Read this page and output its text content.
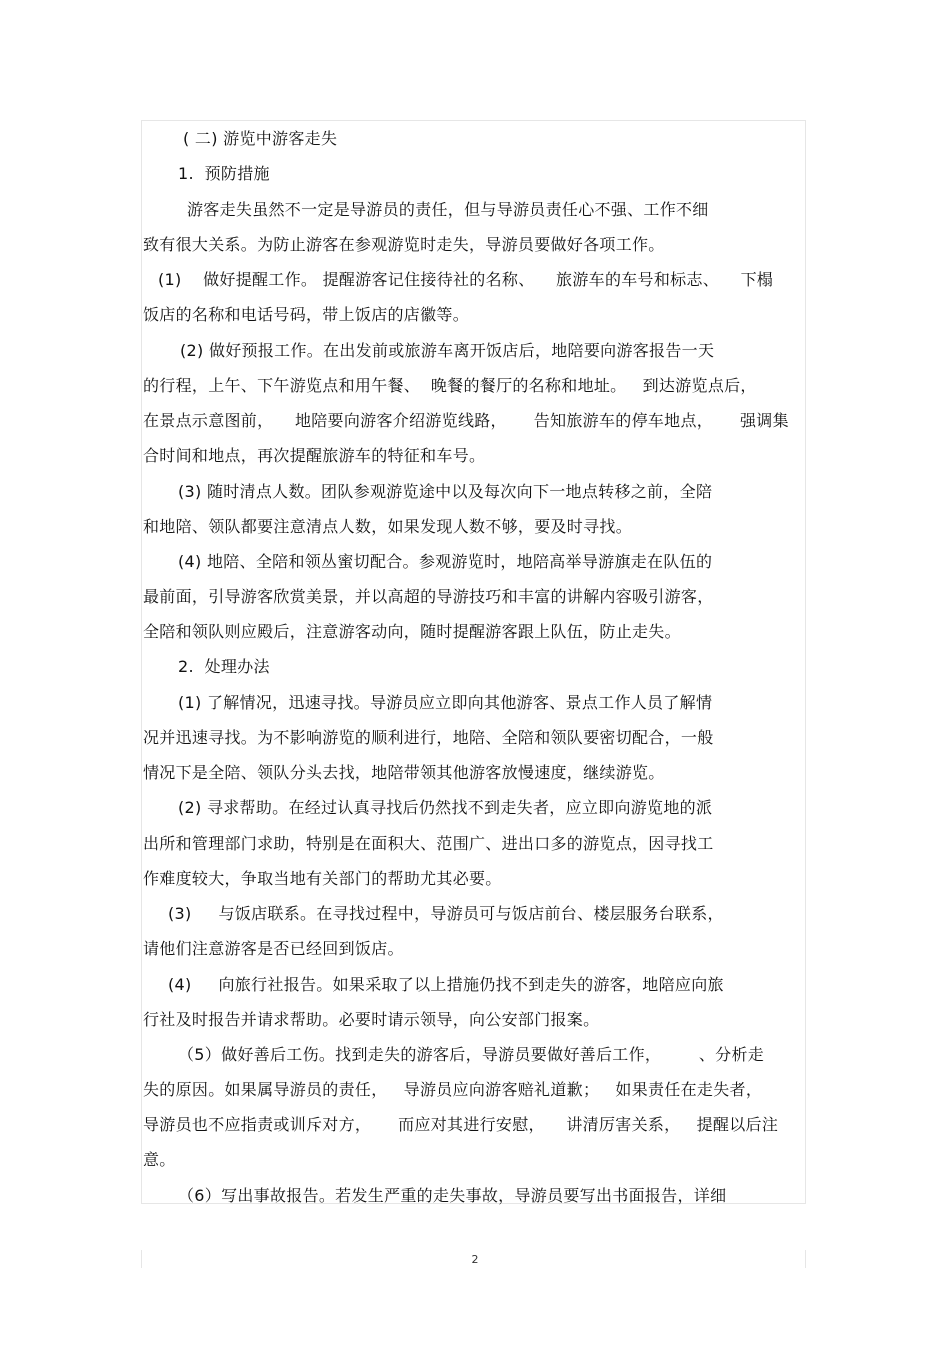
( 二) 游览中游客走失
1.  预防措施
游客走失虽然不一定是导游员的责任，但与导游员责任心不强、工作不细
致有很大关系。为防止游客在参观游览时走失，导游员要做好各项工作。
(1)    做好提醒工作。 提醒游客记住接待社的名称、    旅游车的车号和标志、    下榻
饭店的名称和电话号码，带上饭店的店徽等。
(2) 做好预报工作。在出发前或旅游车离开饭店后，地陪要向游客报告一天
的行程，上午、下午游览点和用午餐、  晚餐的餐厅的名称和地址。   到达游览点后，
在景点示意图前，    地陪要向游客介绍游览线路，     告知旅游车的停车地点，     强调集
合时间和地点，再次提醒旅游车的特征和车号。
(3) 随时清点人数。团队参观游览途中以及每次向下一地点转移之前，全陪
和地陪、领队都要注意清点人数，如果发现人数不够，要及时寻找。
(4) 地陪、全陪和领丛蜜切配合。参观游览时，地陪高举导游旗走在队伍的
最前面，引导游客欣赏美景，并以高超的导游技巧和丰富的讲解内容吸引游客，
全陪和领队则应殿后，注意游客动向，随时提醒游客跟上队伍，防止走失。
2.  处理办法
(1) 了解情况，迅速寻找。导游员应立即向其他游客、景点工作人员了解情
况并迅速寻找。为不影响游览的顺利进行，地陪、全陪和领队要密切配合，一般
情况下是全陪、领队分头去找，地陪带领其他游客放慢速度，继续游览。
(2) 寻求帮助。在经过认真寻找后仍然找不到走失者，应立即向游览地的派
出所和管理部门求助，特别是在面积大、范围广、进出口多的游览点，因寻找工
作难度较大，争取当地有关部门的帮助尤其必要。
(3)     与饭店联系。在寻找过程中，导游员可与饭店前台、楼层服务台联系，
请他们注意游客是否已经回到饭店。
(4)     向旅行社报告。如果采取了以上措施仍找不到走失的游客，地陪应向旅
行社及时报告并请求帮助。必要时请示领导，向公安部门报案。
（5）做好善后工伤。找到走失的游客后，导游员要做好善后工作，       、分析走
失的原因。如果属导游员的责任，   导游员应向游客赔礼道歉；   如果责任在走失者，
导游员也不应指责或训斥对方，     而应对其进行安慰，    讲清厉害关系，   提醒以后注
意。
（6）写出事故报告。若发生严重的走失事故，导游员要写出书面报告，详细
2
